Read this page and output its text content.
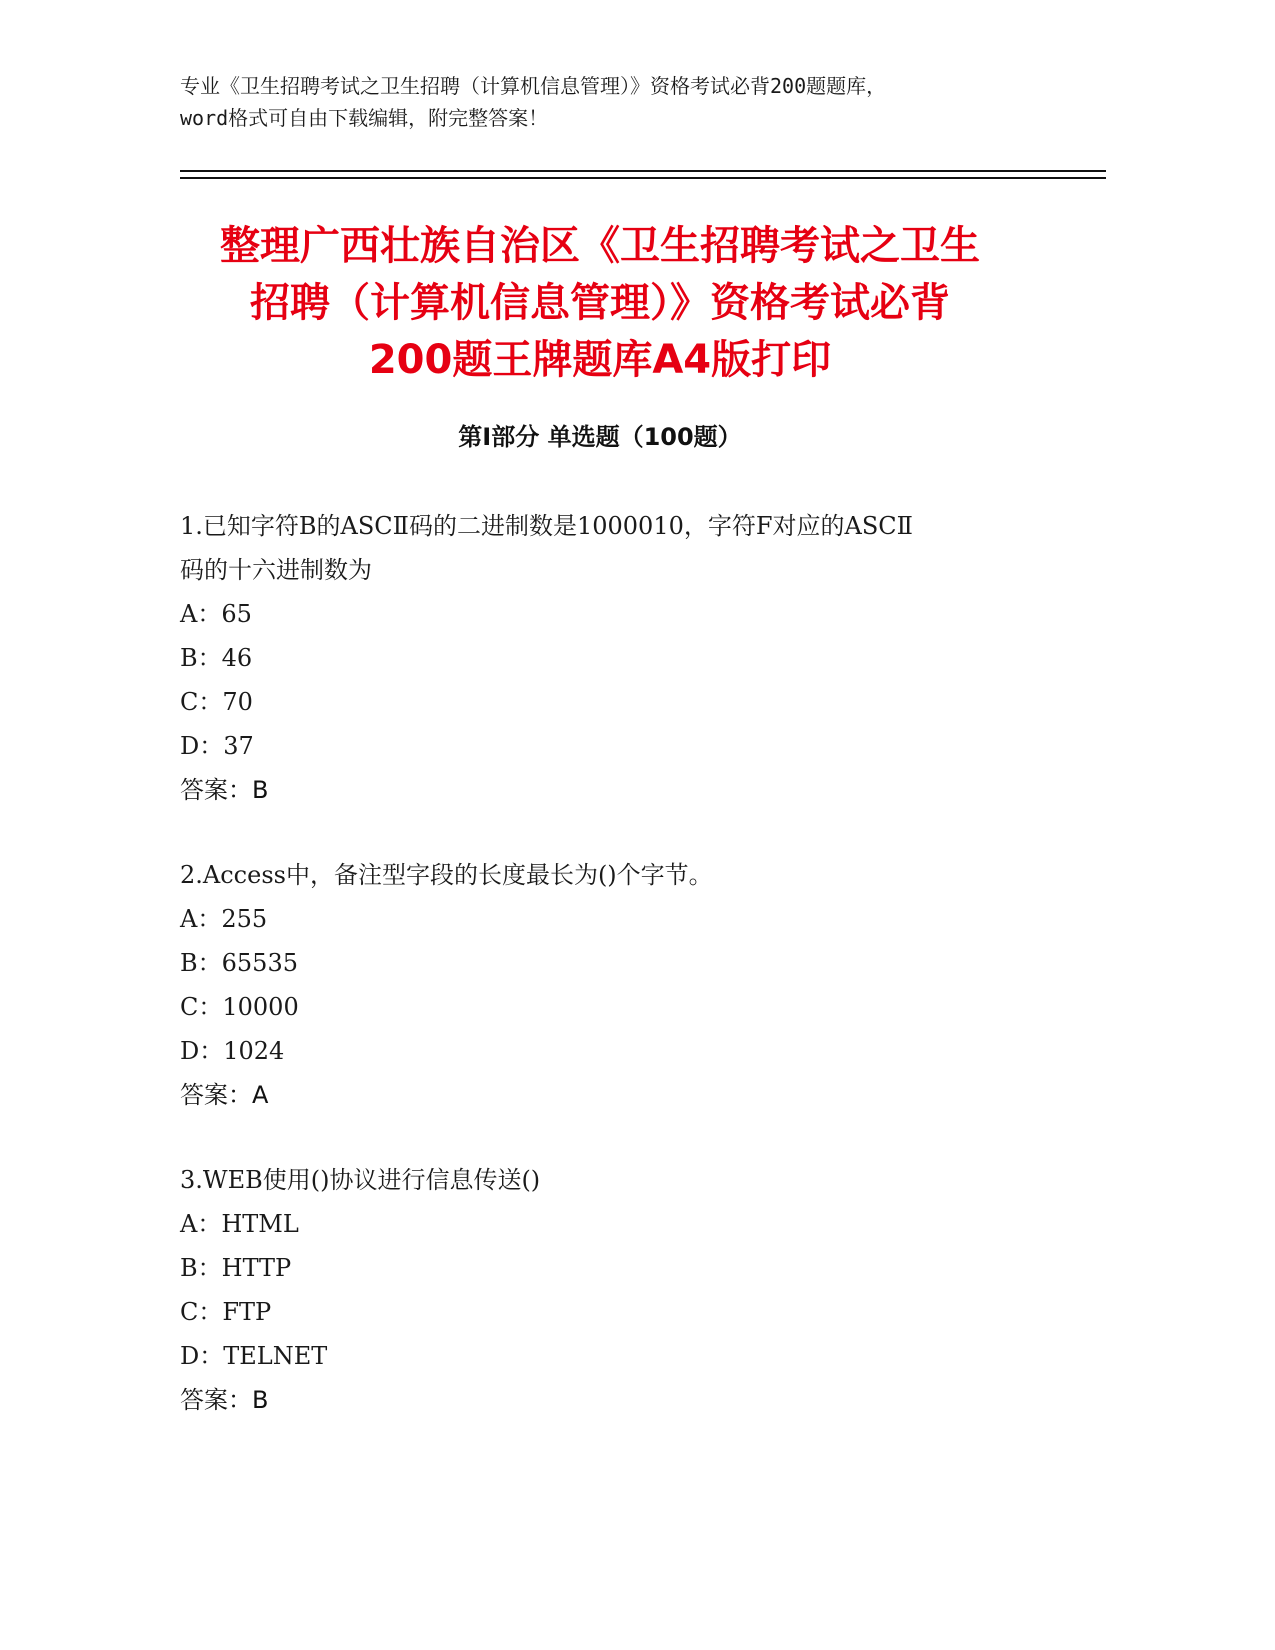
专业《卫生招聘考试之卫生招聘（计算机信息管理）》资格考试必背200题题库，
word格式可自由下载编辑，附完整答案！
整理广西壮族自治区《卫生招聘考试之卫生
招聘（计算机信息管理）》资格考试必背
200题王牌题库A4版打印
第Ⅰ部分 单选题（100题）

1.已知字符B的ASCⅡ码的二进制数是1000010，字符F对应的ASCⅡ
码的十六进制数为

A：65

B：46

C：70

D：37

答案：B

2.Access中，备注型字段的长度最长为()个字节。

A：255

B：65535

C：10000

D：1024

答案：A

3.WEB使用()协议进行信息传送()

A：HTML

B：HTTP

C：FTP

D：TELNET

答案：B
